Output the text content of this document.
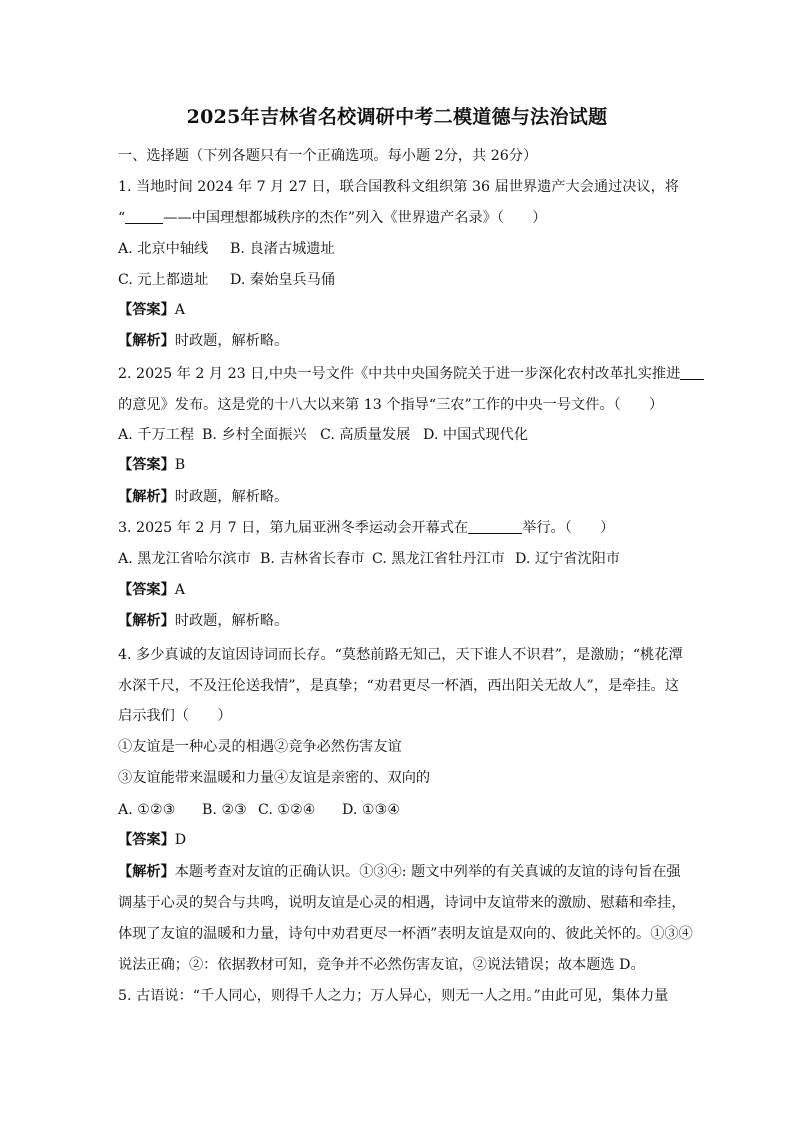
2025年吉林省名校调研中考二模道德与法治试题
一、选择题（下列各题只有一个正确选项。每小题 2分，共 26分）
1. 当地时间 2024 年 7 月 27 日，联合国教科文组织第 36 届世界遗产大会通过决议，将
“	——中国理想都城秩序的杰作”列入《世界遗产名录》（　　）
A. 北京中轴线 B. 良渚古城遗址
C. 元上都遗址 D. 秦始皇兵马俑
【答案】A
【解析】时政题，解析略。
2. 2025 年 2 月 23 日,中央一号文件《中共中央国务院关于进一步深化农村改革扎实推进
的意见》发布。这是党的十八大以来第 13 个指导“三农”工作的中央一号文件。（　　）
A. 千万工程 B. 乡村全面振兴 C. 高质量发展 D. 中国式现代化
【答案】B
【解析】时政题，解析略。
3. 2025 年 2 月 7 日，第九届亚洲冬季运动会开幕式在	举行。（　　）
A. 黑龙江省哈尔滨市 B. 吉林省长春市 C. 黑龙江省牡丹江市 D. 辽宁省沈阳市
【答案】A
【解析】时政题，解析略。
4. 多少真诚的友谊因诗词而长存。“莫愁前路无知己，天下谁人不识君”，是激励；“桃花潭
水深千尺，不及汪伦送我情”，是真挚；“劝君更尽一杯酒，西出阳关无故人”，是牵挂。这
启示我们（　　）
①友谊是一种心灵的相遇②竞争必然伤害友谊
③友谊能带来温暖和力量④友谊是亲密的、双向的
A. ①②③ B. ②③ C. ①②④ D. ①③④
【答案】D
【解析】本题考查对友谊的正确认识。①③④: 题文中列举的有关真诚的友谊的诗句旨在强
调基于心灵的契合与共鸣，说明友谊是心灵的相遇，诗词中友谊带来的激励、慰藉和牵挂，
体现了友谊的温暖和力量，诗句中劝君更尽一杯酒”表明友谊是双向的、彼此关怀的。①③④
说法正确；②：依据教材可知，竞争并不必然伤害友谊，②说法错误；故本题选 D。
5. 古语说：“千人同心，则得千人之力；万人异心，则无一人之用。”由此可见，集体力量
